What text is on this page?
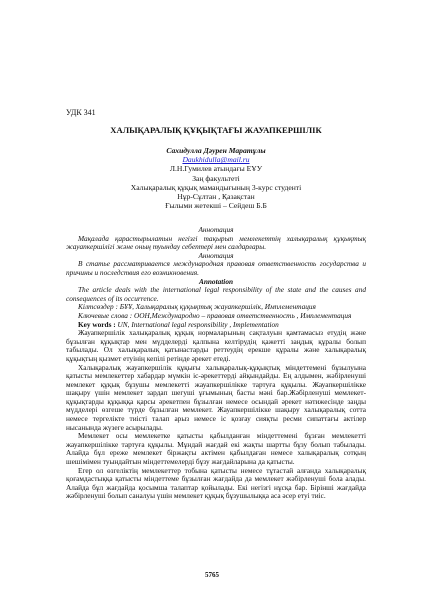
УДК 341
ХАЛЫҚАРАЛЫҚ ҚҰҚЫҚТАҒЫ ЖАУАПКЕРШІЛІК
Сахидулла Дәурен Маратұлы
Daukhidulla@mail.ru
Л.Н.Гумилев атындағы ЕҰУ
Заң факультеті
Халықаралық құқық мамандығының 3-курс студенті
Нұр-Сұлтан , Қазақстан
Ғылыми жетекші – Сейдеш Б.Б
Аннотация

Мақалада қарастырылатын негізгі тақырып мемлекеттің халықаралық құқықтық жауапкершілігі және оның туындау себептері мен салдарлары.

Аннотация

В статье рассматривается международная правовая ответственность государства и причины и последствия его возникновения.

Annotation

The article deals with the international legal responsibility of the state and the causes and consequences of its occurrence.

Кілтсөздер : БҰҰ, Халықаралық құқықтық жауапкершілік, Имплементация

Ключевые слова : ООН,Международно – правовая ответственность , Имплементация

Key words : UN, International legal responsibility , Implementation

Жауапкершілік халықаралық құқық нормаларының сақталуын қамтамасыз етудің және бұзылған құқықтар мен мүдделерді қалпына келтірудің қажетті заңдық құралы болып табылады. Ол халықаралық қатынастарды реттеудің ерекше құралы және халықаралық құқықтың қызмет етуінің кепілі ретінде әрекет етеді.

Халықаралық жауапкершілік құқығы халықаралық-құқықтық міндеттемені бұзылуына қатысты мемлекеттер хабардар мүмкін іс-әрекеттерді айқындайды. Ең алдымен, жәбірленуші мемлекет құқық бұзушы мемлекетті жауапкершілікке тартуға құқылы. Жауапкершілікке шақыру үшін мемлекет зардап шегуші ұғымының басты мәні бар.Жәбірленуші мемлекет-құқықтарды құқыққа қарсы әрекетпен бұзылған немесе осындай әрекет нәтижесінде заңды мүдделері өзгеше түрде бұзылған мемлекет. Жауапкершілікке шақыру халықаралық сотта немесе тергелікте тиісті талап арыз немесе іс қозғау сияқты ресми сипаттағы актілер нысанында жүзеге асырылады.

Мемлекет осы мемлекетке қатысты қабылданған міндеттемені бұзған мемлекетті жауапкершілікке тартуға құқылы. Мұндай жағдай екі жақты шартты бұзу болып табылады. Алайда бұл ереже мемлекет біржақты актімен қабылдаған немесе халықаралық сотқың шешімімен туындайтын міндеттемелерді бұзу жағдайларына да қатысты.

Егер ол өзгеліктің мемлекеттер тобына қатысты немесе тұтастай алғанда халықаралық қоғамдастыққа қатысты міндеттеме бұзылған жағдайда да мемлекет жәбірленуші бола алады. Алайда бұл жағдайда қосымша талаптар қойылады. Екі негізгі нұсқа бар. Бірінші жағдайда жәбірленуші болып саналуы үшін мемлекет құқық бұзушылыққа аса әсер етуі тиіс.

5765
